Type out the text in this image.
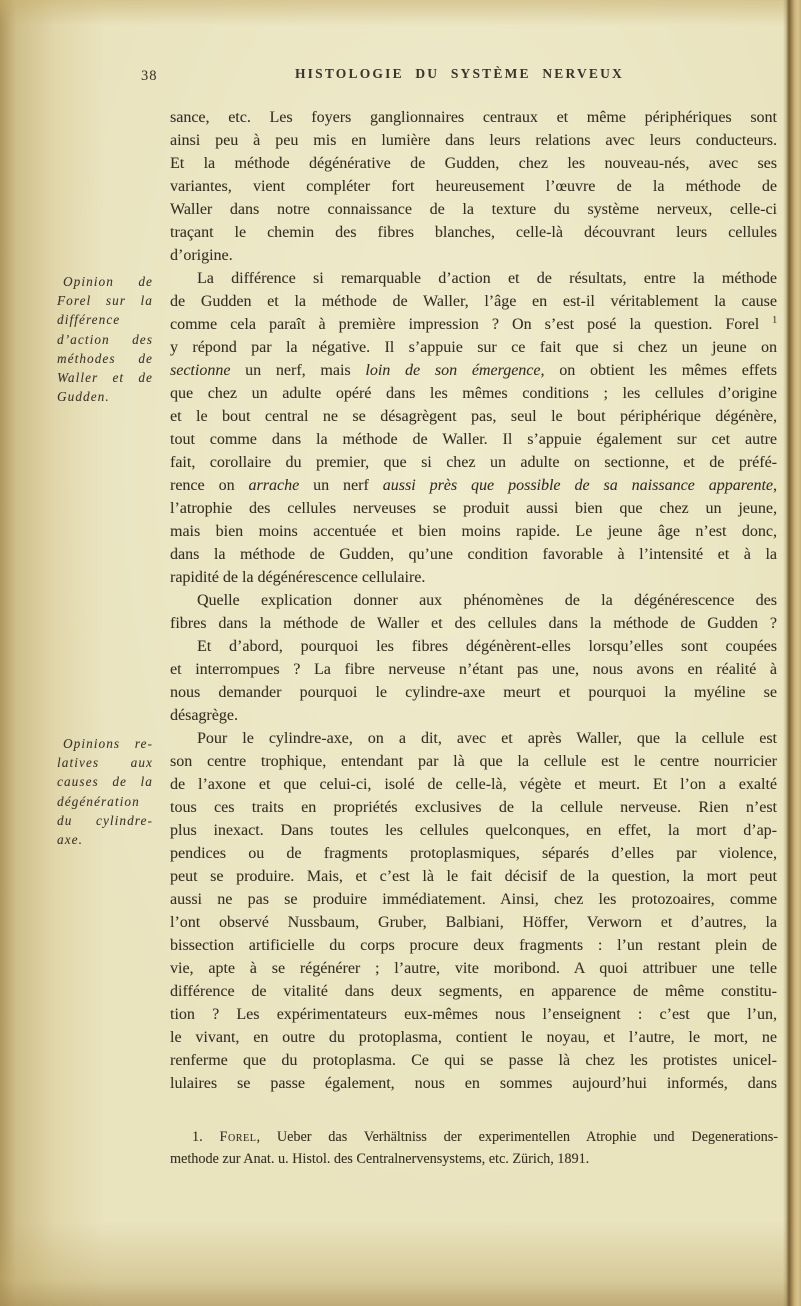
38	HISTOLOGIE DU SYSTÈME NERVEUX
Opinion de
Forel sur la
différence
d’action des
méthodes de
Waller et de
Gudden.
Opinions re-
latives aux
causes de la
dégénération
du cylindre-
axe.
sance, etc. Les foyers ganglionnaires centraux et même périphériques sont
ainsi peu à peu mis en lumière dans leurs relations avec leurs conducteurs.
Et la méthode dégénérative de Gudden, chez les nouveau-nés, avec ses
variantes, vient compléter fort heureusement l’œuvre de la méthode de
Waller dans notre connaissance de la texture du système nerveux, celle-ci
traçant le chemin des fibres blanches, celle-là découvrant leurs cellules
d’origine.
La différence si remarquable d’action et de résultats, entre la méthode
de Gudden et la méthode de Waller, l’âge en est-il véritablement la cause
comme cela paraît à première impression ? On s’est posé la question. Forel $^1$
y répond par la négative. Il s’appuie sur ce fait que si chez un jeune on
sectionne un nerf, mais loin de son émergence, on obtient les mêmes effets
que chez un adulte opéré dans les mêmes conditions ; les cellules d’origine
et le bout central ne se désagrègent pas, seul le bout périphérique dégénère,
tout comme dans la méthode de Waller. Il s’appuie également sur cet autre
fait, corollaire du premier, que si chez un adulte on sectionne, et de préfé-
rence on arrache un nerf aussi près que possible de sa naissance apparente,
l’atrophie des cellules nerveuses se produit aussi bien que chez un jeune,
mais bien moins accentuée et bien moins rapide. Le jeune âge n’est donc,
dans la méthode de Gudden, qu’une condition favorable à l’intensité et à la
rapidité de la dégénérescence cellulaire.
Quelle explication donner aux phénomènes de la dégénérescence des
fibres dans la méthode de Waller et des cellules dans la méthode de Gudden ?
Et d’abord, pourquoi les fibres dégénèrent-elles lorsqu’elles sont coupées
et interrompues ? La fibre nerveuse n’étant pas une, nous avons en réalité à
nous demander pourquoi le cylindre-axe meurt et pourquoi la myéline se
désagrège.
Pour le cylindre-axe, on a dit, avec et après Waller, que la cellule est
son centre trophique, entendant par là que la cellule est le centre nourricier
de l’axone et que celui-ci, isolé de celle-là, végète et meurt. Et l’on a exalté
tous ces traits en propriétés exclusives de la cellule nerveuse. Rien n’est
plus inexact. Dans toutes les cellules quelconques, en effet, la mort d’ap-
pendices ou de fragments protoplasmiques, séparés d’elles par violence,
peut se produire. Mais, et c’est là le fait décisif de la question, la mort peut
aussi ne pas se produire immédiatement. Ainsi, chez les protozoaires, comme
l’ont observé Nussbaum, Gruber, Balbiani, Höffer, Verworn et d’autres, la
bissection artificielle du corps procure deux fragments : l’un restant plein de
vie, apte à se régénérer ; l’autre, vite moribond. A quoi attribuer une telle
différence de vitalité dans deux segments, en apparence de même constitu-
tion ? Les expérimentateurs eux-mêmes nous l’enseignent : c’est que l’un,
le vivant, en outre du protoplasma, contient le noyau, et l’autre, le mort, ne
renferme que du protoplasma. Ce qui se passe là chez les protistes unicel-
lulaires se passe également, nous en sommes aujourd’hui informés, dans
1. Forel, Ueber das Verhältniss der experimentellen Atrophie und Degenerations-
methode zur Anat. u. Histol. des Centralnervensystems, etc. Zürich, 1891.
